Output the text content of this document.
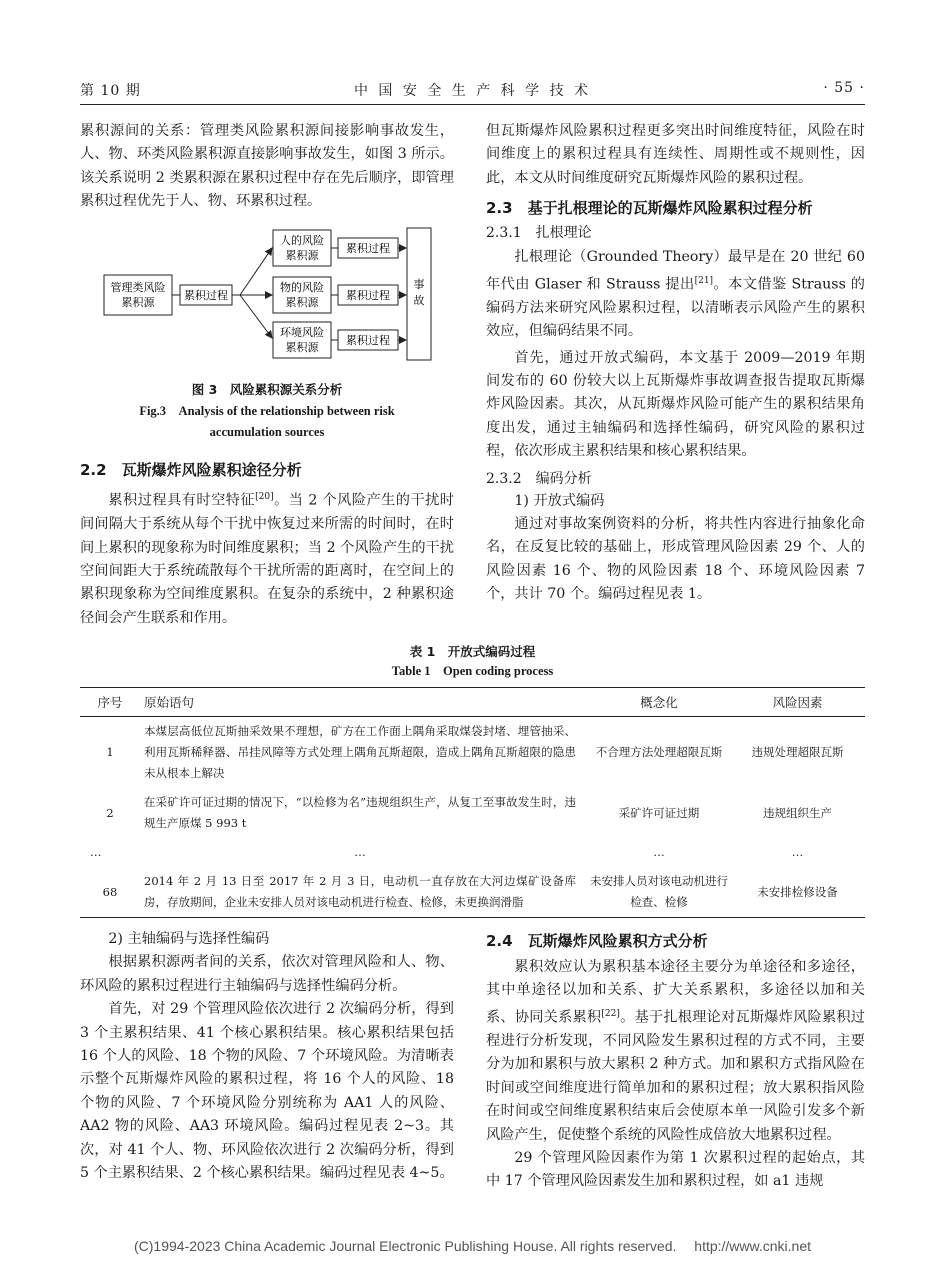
第 10 期	中 国 安 全 生 产 科 学 技 术	· 55 ·

累积源间的关系：管理类风险累积源间接影响事故发生，人、物、环类风险累积源直接影响事故发生，如图 3 所示。该关系说明 2 类累积源在累积过程中存在先后顺序，即管理累积过程优先于人、物、环累积过程。

管理类风险
累积源
累积过程
人的风险
累积源
累积过程
物的风险
累积源
累积过程
环境风险
累积源
累积过程
事
故
图 3　风险累积源关系分析
Fig.3　Analysis of the relationship between risk
accumulation sources

2.2　瓦斯爆炸风险累积途径分析

累积过程具有时空特征[20]。当 2 个风险产生的干扰时间间隔大于系统从每个干扰中恢复过来所需的时间时，在时间上累积的现象称为时间维度累积；当 2 个风险产生的干扰空间间距大于系统疏散每个干扰所需的距离时，在空间上的累积现象称为空间维度累积。在复杂的系统中，2 种累积途径间会产生联系和作用。

但瓦斯爆炸风险累积过程更多突出时间维度特征，风险在时间维度上的累积过程具有连续性、周期性或不规则性，因此，本文从时间维度研究瓦斯爆炸风险的累积过程。

2.3　基于扎根理论的瓦斯爆炸风险累积过程分析

2.3.1　扎根理论

扎根理论（Grounded Theory）最早是在 20 世纪 60 年代由 Glaser 和 Strauss 提出[21]。本文借鉴 Strauss 的编码方法来研究风险累积过程，以清晰表示风险产生的累积效应，但编码结果不同。

首先，通过开放式编码，本文基于 2009—2019 年期间发布的 60 份较大以上瓦斯爆炸事故调查报告提取瓦斯爆炸风险因素。其次，从瓦斯爆炸风险可能产生的累积结果角度出发，通过主轴编码和选择性编码，研究风险的累积过程，依次形成主累积结果和核心累积结果。

2.3.2　编码分析

1) 开放式编码

通过对事故案例资料的分析，将共性内容进行抽象化命名，在反复比较的基础上，形成管理风险因素 29 个、人的风险因素 16 个、物的风险因素 18 个、环境风险因素 7 个，共计 70 个。编码过程见表 1。

表 1　开放式编码过程
Table 1　Open coding process
序号	原始语句	概念化	风险因素
1	本煤层高低位瓦斯抽采效果不理想，矿方在工作面上隅角采取煤袋封堵、埋管抽采、利用瓦斯稀释器、吊挂风障等方式处理上隅角瓦斯超限，造成上隅角瓦斯超限的隐患未从根本上解决	不合理方法处理超限瓦斯	违规处理超限瓦斯
2	在采矿许可证过期的情况下，“以检修为名”违规组织生产，从复工至事故发生时，违规生产原煤 5 993 t	采矿许可证过期	违规组织生产
…	…	…	…
68	2014 年 2 月 13 日至 2017 年 2 月 3 日，电动机一直存放在大河边煤矿设备库房，存放期间，企业未安排人员对该电动机进行检查、检修，未更换润滑脂	未安排人员对该电动机进行检查、检修	未安排检修设备

2) 主轴编码与选择性编码

根据累积源两者间的关系，依次对管理风险和人、物、环风险的累积过程进行主轴编码与选择性编码分析。

首先，对 29 个管理风险依次进行 2 次编码分析，得到 3 个主累积结果、41 个核心累积结果。核心累积结果包括 16 个人的风险、18 个物的风险、7 个环境风险。为清晰表示整个瓦斯爆炸风险的累积过程，将 16 个人的风险、18 个物的风险、7 个环境风险分别统称为 AA1 人的风险、AA2 物的风险、AA3 环境风险。编码过程见表 2~3。其次，对 41 个人、物、环风险依次进行 2 次编码分析，得到 5 个主累积结果、2 个核心累积结果。编码过程见表 4~5。

2.4　瓦斯爆炸风险累积方式分析

累积效应认为累积基本途径主要分为单途径和多途径，其中单途径以加和关系、扩大关系累积，多途径以加和关系、协同关系累积[22]。基于扎根理论对瓦斯爆炸风险累积过程进行分析发现，不同风险发生累积过程的方式不同，主要分为加和累积与放大累积 2 种方式。加和累积方式指风险在时间或空间维度进行简单加和的累积过程；放大累积指风险在时间或空间维度累积结束后会使原本单一风险引发多个新风险产生，促使整个系统的风险性成倍放大地累积过程。

29 个管理风险因素作为第 1 次累积过程的起始点，其中 17 个管理风险因素发生加和累积过程，如 a1 违规

(C)1994-2023 China Academic Journal Electronic Publishing House. All rights reserved.　 http://www.cnki.net
